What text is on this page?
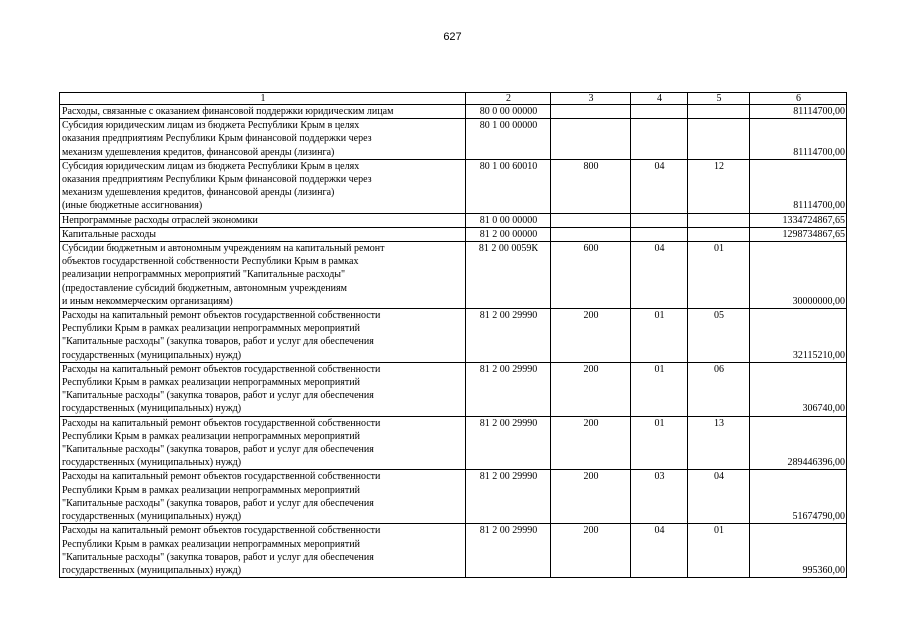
627
1	2	3	4	5	6

Расходы, связанные с оказанием финансовой поддержки юридическим лицам	80 0 00 00000				81114700,00

Субсидия юридическим лицам из бюджета Республики Крым в целях
оказания предприятиям Республики Крым финансовой поддержки через
механизм удешевления кредитов, финансовой аренды (лизинга)	80 1 00 00000				81114700,00

Субсидия юридическим лицам из бюджета Республики Крым в целях
оказания предприятиям Республики Крым финансовой поддержки через
механизм удешевления кредитов, финансовой аренды (лизинга)
(иные бюджетные ассигнования)	80 1 00 60010	800	04	12	81114700,00

Непрограммные расходы отраслей экономики	81 0 00 00000				1334724867,65

Капитальные расходы	81 2 00 00000				1298734867,65

Субсидии бюджетным и автономным учреждениям на капитальный ремонт
объектов государственной собственности Республики Крым в рамках
реализации непрограммных мероприятий "Капитальные расходы"
(предоставление субсидий бюджетным, автономным учреждениям
и иным некоммерческим организациям)	81 2 00 0059К	600	04	01	30000000,00

Расходы на капитальный ремонт объектов государственной собственности
Республики Крым в рамках реализации непрограммных мероприятий
"Капитальные расходы" (закупка товаров, работ и услуг для обеспечения
государственных (муниципальных) нужд)	81 2 00 29990	200	01	05	32115210,00

Расходы на капитальный ремонт объектов государственной собственности
Республики Крым в рамках реализации непрограммных мероприятий
"Капитальные расходы" (закупка товаров, работ и услуг для обеспечения
государственных (муниципальных) нужд)	81 2 00 29990	200	01	06	306740,00

Расходы на капитальный ремонт объектов государственной собственности
Республики Крым в рамках реализации непрограммных мероприятий
"Капитальные расходы" (закупка товаров, работ и услуг для обеспечения
государственных (муниципальных) нужд)	81 2 00 29990	200	01	13	289446396,00

Расходы на капитальный ремонт объектов государственной собственности
Республики Крым в рамках реализации непрограммных мероприятий
"Капитальные расходы" (закупка товаров, работ и услуг для обеспечения
государственных (муниципальных) нужд)	81 2 00 29990	200	03	04	51674790,00

Расходы на капитальный ремонт объектов государственной собственности
Республики Крым в рамках реализации непрограммных мероприятий
"Капитальные расходы" (закупка товаров, работ и услуг для обеспечения
государственных (муниципальных) нужд)	81 2 00 29990	200	04	01	995360,00
